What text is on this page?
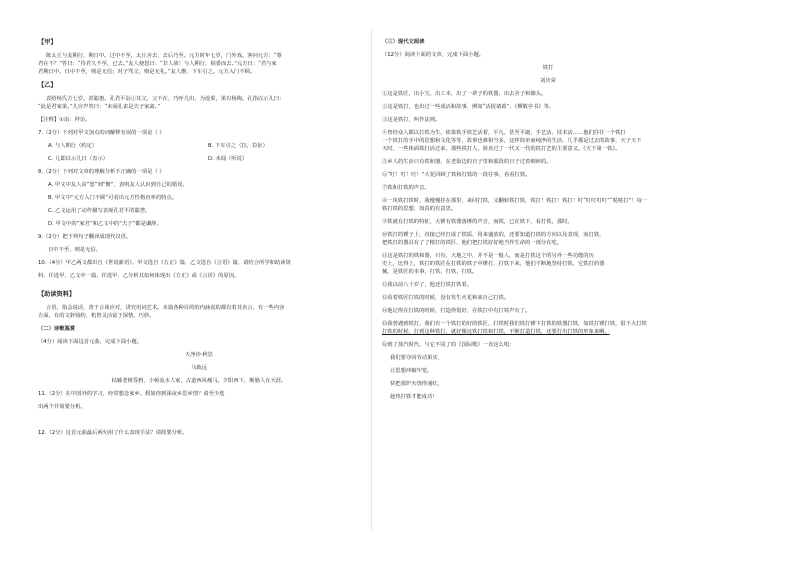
【甲】
陈太丘与友期行，期日中。过中不至，太丘舍去，去后乃至。元方时年七岁，门外戏。客问元方：“尊
君在不？”答曰：“待君久不至，已去。”友人便怒曰：“非人哉！与人期行，相委而去。”元方曰：“君与家
君期日中。日中不至，则是无信；对子骂父，则是无礼。”友人惭，下车引之。元方入门不顾。
【乙】
袁绍杨氏方七岁，甚聪惠。孔君平诣①其父，父不在，乃呼儿出。为设果，果有杨梅。孔指以示儿曰：
“此是君家果。”儿应声答曰：“未闻孔雀是夫子家禽。”
【注释】①诣：拜访。
7.（2分）下列对甲文加点的词解释有误的一项是（ ）
A. 与人期行（约定）	B. 下车引之（拉，拉扯）
C. 儿即以示儿曰（表示）	D. 未闻（听说）
8.（2分）下列对文章的理解分析不正确的一项是（ ）
A. 甲文中友人由“怒”到“惭”，表明友人认识到自己的错误。
B. 甲文中“元方入门不顾”可看出元方性格直率的特点。
C. 乙文运用了动作描写表现孔君平的聪慧。
D. 甲文中的“家君”和乙文中的“夫子”都是谦辞。
9.（2分）把下列句子翻译成现代汉语。
日中不至，则是无信。
10.（4分）甲乙两文都出自《世说新语》。甲文选自《方正》篇，乙文选自《言语》篇，请结合所学和助读资
料，任选甲、乙文中一篇，任选甲、乙分析其如何体现出《方正》或《言语》的原因。
【助读资料】
言语，指会说话，善于言谈应对，讲究用词艺术。本篇各种目的的内涵说的都有着其名言，有一些内容
方面，有的文辞简约，机智灵活富于深情，巧妙。
（二）诗歌鉴赏
（4分）阅读下面这首元曲，完成下面小题。
天净沙·秋思
马致远
枯藤老树昏鸦，小桥流水人家，古道西风瘦马。夕阳西下，断肠人在天涯。
11.（2分）在中国外的学习，经常想念家乡。假如你到深夜乡思乡情？请至少选
出两个并简要分析。
12.（2分）这首元曲最后两句用了什么表现手法？请简要分析。
（三）现代文阅读
（12分）阅读下面的文章，完成下面小题。
铁打
刘庆荣
①这是铁匠，出小宝，出工本，出了一辈子的铁器，出去舍子和锄头。
②这是铁打，也出过一些成活和故事，例如“活捉诸葛”、《柳敬亭书》等。
③这是铁打，叫作法则。
④曾经众人都以打铁为生，依靠铁手铁艺活着，平凡，甚至平庸，手艺活、技术活……他们往往一个铁打
一个铁打的手中的思想和文化等等，故事也难相当多，这样简单而纯净的生活，几乎都是过去的故事，天子天下
天时，一些体面铁打活过来，那些铁打人，简直过了一代又一代的铁打艺的主要意义。《天下第一铁》。
⑤乡人的生活只有铁和器，在老街边的日子里和那段的日子过着细碎的。
⑥“叮！叮！叮！”大花回顾了铁和打铁的一段往事，看看打铁。
⑦铁和打铁的声音。
⑧一块铁打铁时，我慢慢挂在那里，来回打铁，又翻转铁打铁，铁打！铁打！铁打！叮“叮叮叮叮”“哒哒打”！每一
铁打铁的思想，如真的有意思。
⑨铁就有打铁的特征，大锤有铁器落锤的声音，而铁，已在铁下，看打铁，那时。
⑩铁打的锤子上，直接已经打成了铁质，用来盛放的，还要知道打铁的方向以及表现，而打铁，
把铁打的器具有了了精打的铁匠，他们把打铁好好地当作生命的一部分在吃。
⑪这是铁打的铁和器，只有，大地之中，并不是一般人，而是打铁这个的另外一些功能的历
史上，比得上，铁打的铁匠在打铁的铁子中锤打，打铁下来，他们不断地坚持打铁，它铁打的器
械，是铁匠的本事，打铁、打铁、打铁。
⑫我以前八十岁了，他还打铁打铁着。
⑬看着铁匠打铁的时候，没有发生火花和来自己打铁。
⑭他记得在打铁的时候，打造得很好，在铁打中有打铁声有了。
⑮我曾遇到铁打，我们有一个铁打的好的铁匠，打铁时我们铁打锤下打铁的铁器打铁，如铁打锤打铁，很不大打铁
打铁的时候，打到这种铁打，就好像这铁打铁和打铁，不断打造打铁，还要打出打铁的形象来啊。
⑯到了蒸汽时代，与它不同了的《国际歌》一直这么唱：
我们要夺回劳动果实，
让思想冲破牢笼。
快把那炉火烧得通红，
趁热打铁才能成功！
